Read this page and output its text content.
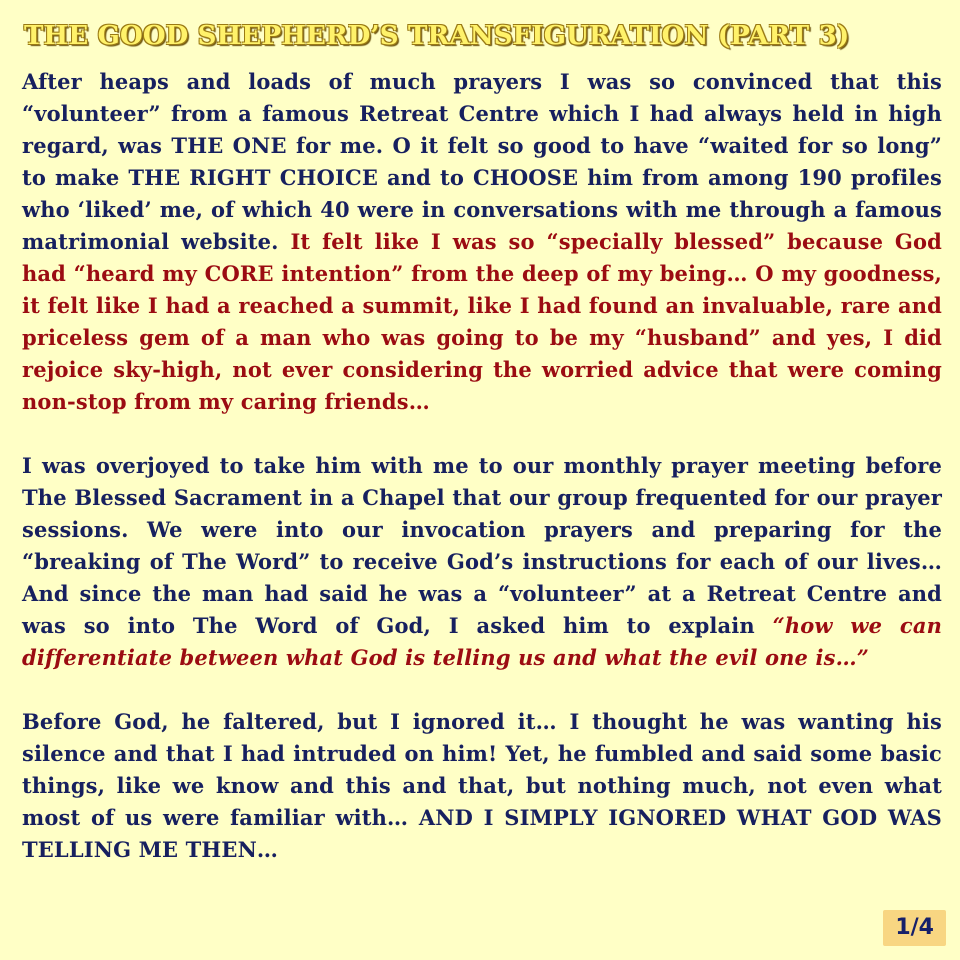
THE GOOD SHEPHERD’S TRANSFIGURATION (PART 3)

After heaps and loads of much prayers I was so convinced that this “volunteer” from a famous Retreat Centre which I had always held in high regard, was THE ONE for me. O it felt so good to have “waited for so long” to make THE RIGHT CHOICE and to CHOOSE him from among 190 profiles who ‘liked’ me, of which 40 were in conversations with me through a famous matrimonial website. It felt like I was so “specially blessed” because God had “heard my CORE intention” from the deep of my being… O my goodness, it felt like I had a reached a summit, like I had found an invaluable, rare and priceless gem of a man who was going to be my “husband” and yes, I did rejoice sky-high, not ever considering the worried advice that were coming non-stop from my caring friends…

I was overjoyed to take him with me to our monthly prayer meeting before The Blessed Sacrament in a Chapel that our group frequented for our prayer sessions. We were into our invocation prayers and preparing for the “breaking of The Word” to receive God’s instructions for each of our lives… And since the man had said he was a “volunteer” at a Retreat Centre and was so into The Word of God, I asked him to explain “how we can differentiate between what God is telling us and what the evil one is…”

Before God, he faltered, but I ignored it… I thought he was wanting his silence and that I had intruded on him! Yet, he fumbled and said some basic things, like we know and this and that, but nothing much, not even what most of us were familiar with… AND I SIMPLY IGNORED WHAT GOD WAS TELLING ME THEN…

1/4
